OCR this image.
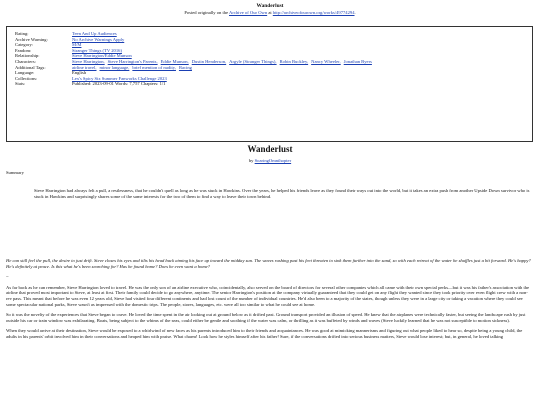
Wanderlust
Posted originally on the Archive of Our Own at http://archiveofourown.org/works/49774294.
Rating:	Teen And Up Audiences
Archive Warning:	No Archive Warnings Apply
Category:	M/M
Fandom:	Stranger Things (TV 2016)
Relationship:	Steve Harrington/Eddie Munson
Characters:	Steve Harrington, Steve Harrington's Parents, Eddie Munson, Dustin Henderson, Argyle (Stranger Things), Robin Buckley, Nancy Wheeler, Jonathan Byers
Additional Tags:	airline travel, minor language, brief mention of nudity, Racing
Language:	English
Collections:	Lex's Spicy Six Summer Fanworks Challenge 2023
Stats:	Published: 2023-09-01 Words: 7,757 Chapters: 1/1
Wanderlust
by SoaringOmnihopter
Summary
Steve Harrington had always felt a pull, a restlessness, that he couldn't quell as long as he was stuck in Hawkins. Over the years, he helped his friends leave as they found their ways out into the world, but it takes an extra push from another Upside Down survivor who is stuck in Hawkins and surprisingly shares some of the same interests for the two of them to find a way to leave their town behind.

He can still feel the pull, the desire to just drift. Steve closes his eyes and tilts his head back aiming his face up toward the midday sun. The waves rushing past his feet threaten to sink them further into the sand, so with each retreat of the water he shuffles just a bit forward. He's happy? He's definitely at peace. Is this what he's been searching for? Has he found home? Does he even want a home?

~

As far back as he can remember, Steve Harrington loved to travel. He was the only son of an airline executive who, coincidentally, also served on the board of directors for several other companies which all came with their own special perks—but it was his father's association with the airline that proved most important to Steve, at least at first. Their family could decide to go anywhere, anytime. The senior Harrington's position at the company virtually guaranteed that they could get on any flight they wanted since they took priority over even flight crew with a non-rev pass. This meant that before he was even 12 years old, Steve had visited four different continents and had lost count of the number of individual countries. He'd also been to a majority of the states, though unless they were in a large city or taking a vacation where they could see some spectacular national parks, Steve wasn't as impressed with the domestic trips. The people, stores, languages, etc. were all too similar to what he could see at home.

So it was the novelty of the experiences that Steve began to crave. He loved the time spent in the air looking out at ground below as it drifted past. Ground transport provided an illusion of speed. He knew that the airplanes were technically faster, but seeing the landscape rush by just outside his car or train window was exhilarating. Boats, being subject to the whims of the seas, could either be gentle and soothing if the water was calm, or thrilling as it was buffeted by winds and waves (Steve luckily learned that he was not susceptible to motion sickness).

When they would arrive at their destination, Steve would be exposed to a whirlwind of new faces as his parents introduced him to their friends and acquaintances. He was good at mimicking mannerisms and figuring out what people liked to hear so, despite being a young child, the adults in his parents' orbit involved him in their conversations and heaped him with praise. What charm! Look how he styles himself after his father! Sure, if the conversations drifted into serious business matters, Steve would lose interest; but, in general, he loved talking
